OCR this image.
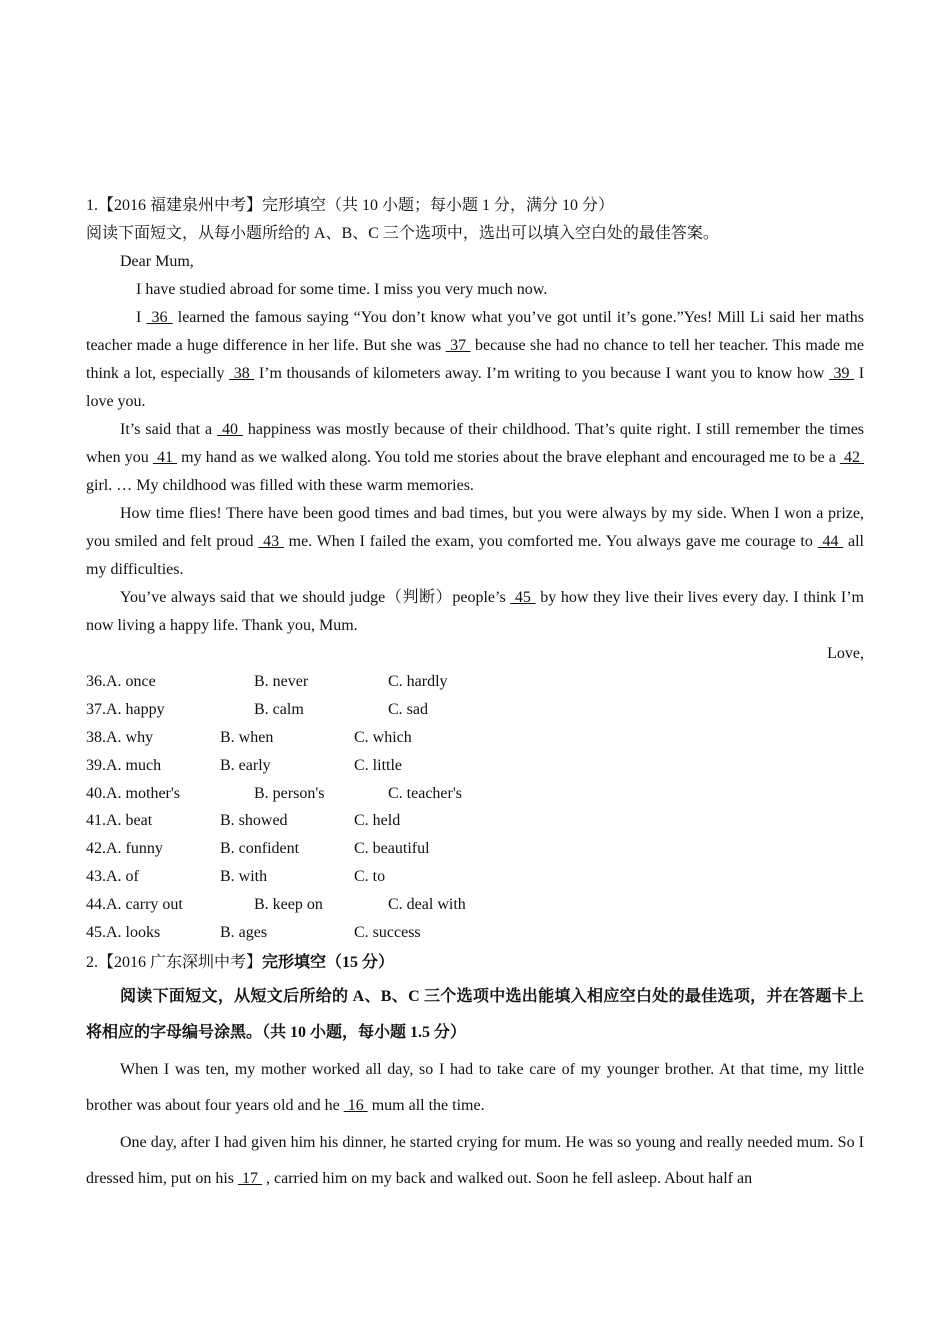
1.【2016 福建泉州中考】完形填空（共 10 小题；每小题 1 分，满分 10 分）
阅读下面短文，从每小题所给的 A、B、C 三个选项中，选出可以填入空白处的最佳答案。
Dear Mum,
I have studied abroad for some time. I miss you very much now.
I  36  learned the famous saying “You don’t know what you’ve got until it’s gone.”Yes! Mill Li said her maths teacher made a huge difference in her life. But she was  37  because she had no chance to tell her teacher. This made me think a lot, especially  38  I’m thousands of kilometers away. I’m writing to you because I want you to know how  39  I love you.
It’s said that a  40  happiness was mostly because of their childhood. That’s quite right. I still remember the times when you  41  my hand as we walked along. You told me stories about the brave elephant and encouraged me to be a  42  girl. … My childhood was filled with these warm memories.
How time flies! There have been good times and bad times, but you were always by my side. When I won a prize, you smiled and felt proud  43  me. When I failed the exam, you comforted me. You always gave me courage to  44  all my difficulties.
You’ve always said that we should judge（判断）people’s  45  by how they live their lives every day. I think I’m now living a happy life. Thank you, Mum.
Love,
36.A. once	B. never	C. hardly
37.A. happy	B. calm	C. sad
38.A. why	B. when	C. which
39.A. much	B. early	C. little
40.A. mother's	B. person's	C. teacher's
41.A. beat	B. showed	C. held
42.A. funny	B. confident	C. beautiful
43.A. of	B. with	C. to
44.A. carry out	B. keep on	C. deal with
45.A. looks	B. ages	C. success
2.【2016 广东深圳中考】完形填空（15 分）
阅读下面短文，从短文后所给的 A、B、C 三个选项中选出能填入相应空白处的最佳选项，并在答题卡上将相应的字母编号涂黑。（共 10 小题，每小题 1.5 分）
When I was ten, my mother worked all day, so I had to take care of my younger brother. At that time, my little brother was about four years old and he  16  mum all the time.
One day, after I had given him his dinner, he started crying for mum. He was so young and really needed mum. So I dressed him, put on his  17  , carried him on my back and walked out. Soon he fell asleep. About half an
